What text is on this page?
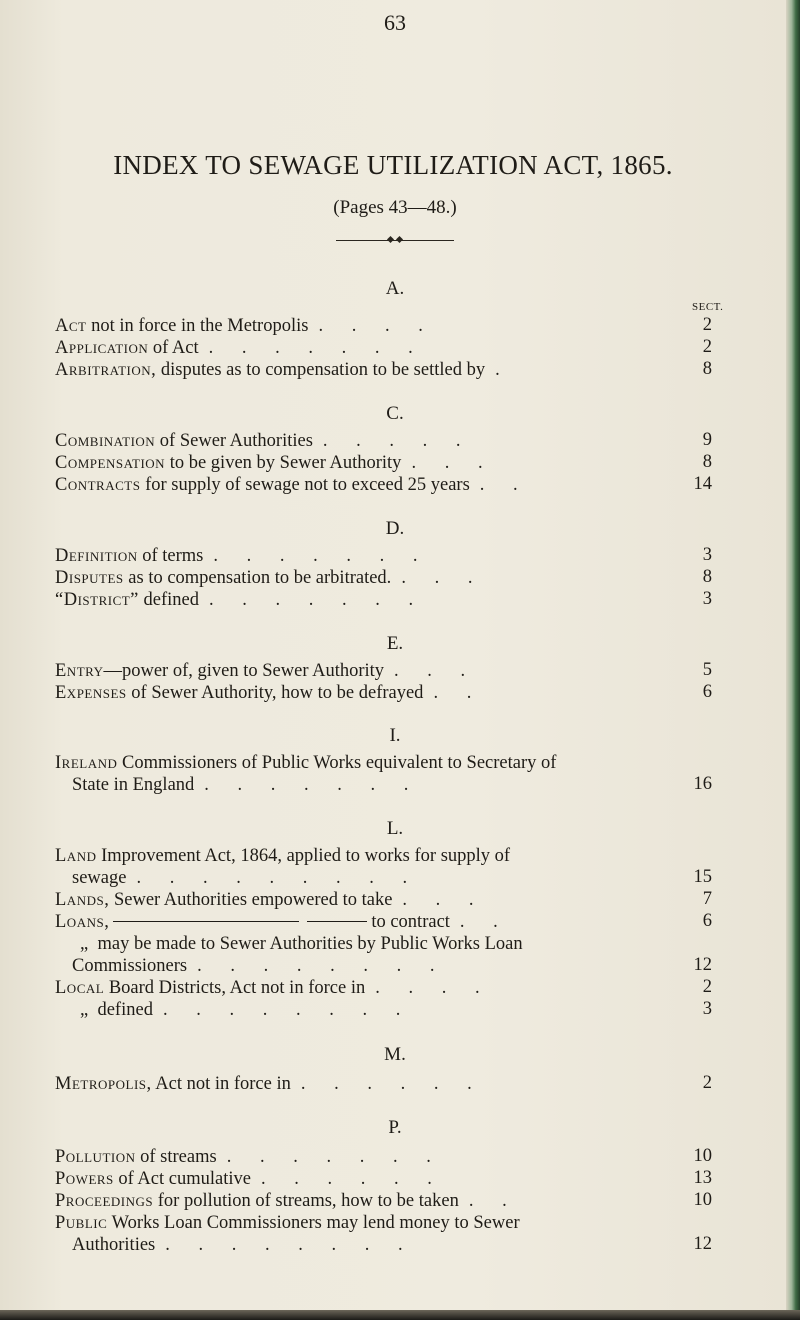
63
INDEX TO SEWAGE UTILIZATION ACT, 1865.
(Pages 43—48.)
SECT.
A.
Act not in force in the Metropolis . . . .	2
Application of Act . . . . . . .	2
Arbitration, disputes as to compensation to be settled by .	8
C.
Combination of Sewer Authorities . . . . .	9
Compensation to be given by Sewer Authority . . .	8
Contracts for supply of sewage not to exceed 25 years . .	14
D.
Definition of terms . . . . . . .	3
Disputes as to compensation to be arbitrated. . . .	8
“District” defined . . . . . . .	3
E.
Entry—power of, given to Sewer Authority . . .	5
Expenses of Sewer Authority, how to be defrayed . .	6
I.
Ireland Commissioners of Public Works equivalent to Secretary of
State in England . . . . . . .	16
L.
Land Improvement Act, 1864, applied to works for supply of
sewage . . . . . . . . .	15
Lands, Sewer Authorities empowered to take . . .	7
Loans,	to contract . .	6
„ may be made to Sewer Authorities by Public Works Loan
Commissioners . . . . . . . .	12
Local Board Districts, Act not in force in . . . .	2
„ defined . . . . . . . .	3
M.
Metropolis, Act not in force in . . . . . .	2
P.
Pollution of streams . . . . . . .	10
Powers of Act cumulative . . . . . .	13
Proceedings for pollution of streams, how to be taken . .	10
Public Works Loan Commissioners may lend money to Sewer
Authorities . . . . . . . .	12
